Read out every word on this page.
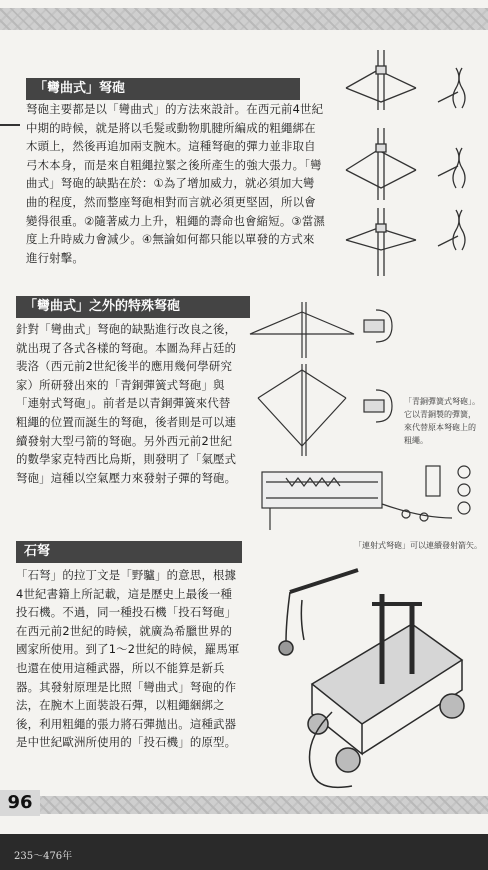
「彎曲式」弩砲
弩砲主要都是以「彎曲式」的方法來設計。在西元前4世紀中期的時候，就是將以毛髮或動物肌腱所編成的粗繩綁在木頭上，然後再追加兩支腕木。這種弩砲的彈力並非取自弓木本身，而是來自粗繩拉緊之後所產生的強大張力。「彎曲式」弩砲的缺點在於：①為了增加威力，就必須加大彎曲的程度，然而整座弩砲相對而言就必須更堅固，所以會變得很重。②隨著威力上升，粗繩的壽命也會縮短。③當濕度上升時威力會減少。④無論如何都只能以單發的方式來進行射擊。
「彎曲式」之外的特殊弩砲
針對「彎曲式」弩砲的缺點進行改良之後，就出現了各式各樣的弩砲。本圖為拜占廷的裴洛（西元前2世紀後半的應用幾何學研究家）所研發出來的「青銅彈簧式弩砲」與「連射式弩砲」。前者是以青銅彈簧來代替粗繩的位置而誕生的弩砲，後者則是可以連續發射大型弓箭的弩砲。另外西元前2世紀的數學家克特西比烏斯，則發明了「氣壓式弩砲」這種以空氣壓力來發射子彈的弩砲。
「青銅彈簧式弩砲」。它以青銅製的彈簧，來代替原本弩砲上的粗繩。
「連射式弩砲」可以連續發射箭矢。
石弩
「石弩」的拉丁文是「野驢」的意思，根據4世紀書籍上所記載，這是歷史上最後一種投石機。不過，同一種投石機「投石弩砲」在西元前2世紀的時候，就廣為希臘世界的國家所使用。到了1～2世紀的時候，羅馬軍也還在使用這種武器，所以不能算是新兵器。其發射原理是比照「彎曲式」弩砲的作法，在腕木上面裝設石彈，以粗繩綑綁之後，利用粗繩的張力將石彈拋出。這種武器是中世紀歐洲所使用的「投石機」的原型。
96
235～476年
